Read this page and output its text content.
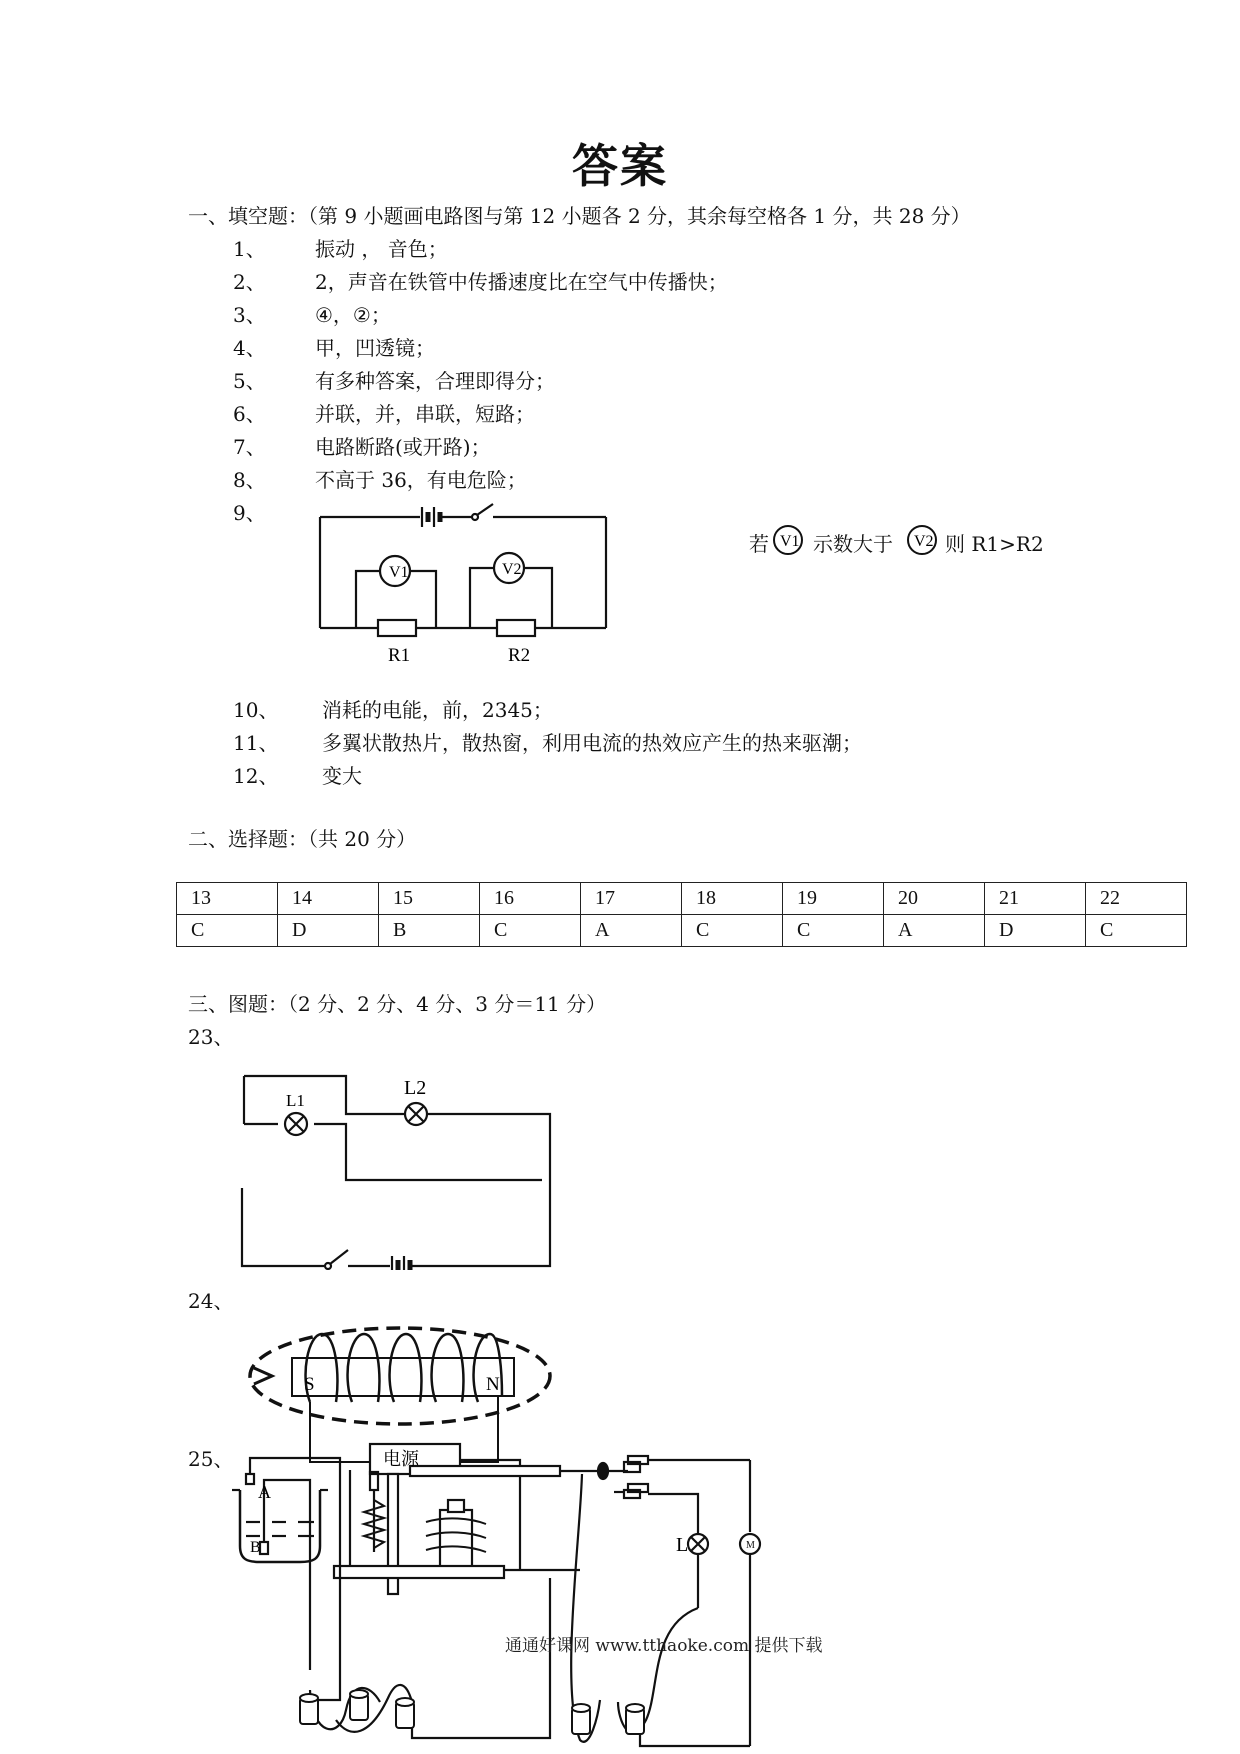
答案
一、填空题：（第 9 小题画电路图与第 12 小题各 2 分，其余每空格各 1 分，共 28 分）
1、 振动 ， 音色；
2、 2，声音在铁管中传播速度比在空气中传播快；
3、 ④，②；
4、 甲，凹透镜；
5、 有多种答案，合理即得分；
6、 并联，并，串联，短路；
7、 电路断路(或开路)；
8、 不高于 36，有电危险；
9、
V1	V2
R1	R2
若 V1 示数大于 V2 则 R1>R2
10、 消耗的电能，前，2345；
11、 多翼状散热片，散热窗，利用电流的热效应产生的热来驱潮；
12、 变大
二、选择题：（共 20 分）
13	14	15	16	17	18	19	20	21	22
C	D	B	C	A	C	C	A	D	C
三、图题：（2 分、2 分、4 分、3 分＝11 分）
23、
L1
L2
24、
S	N
25、
M
电源
A
B	L
通通好课网 www.tthaoke.com 提供下载
